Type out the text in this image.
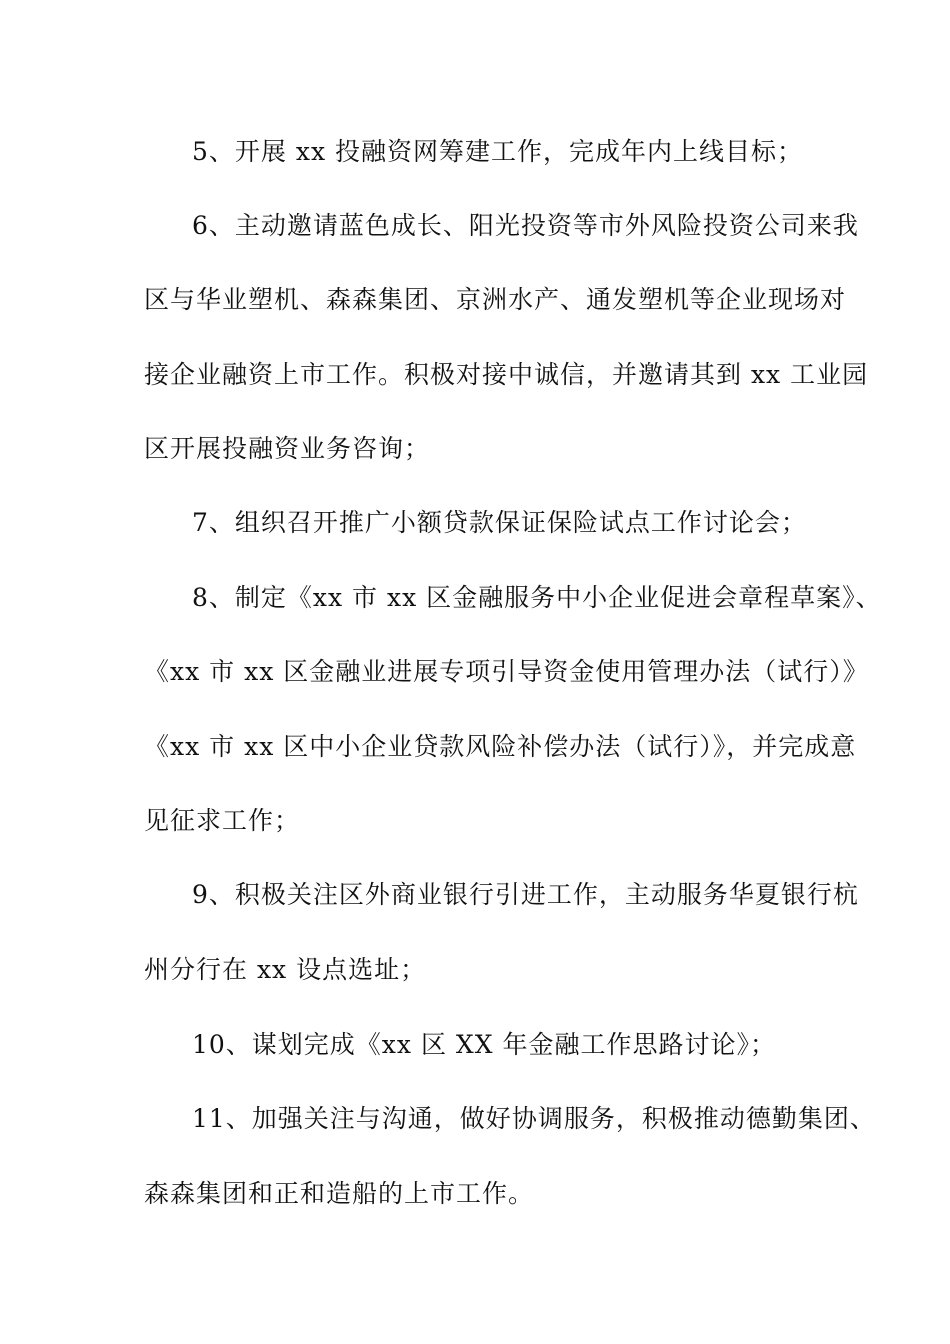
5、开展 xx 投融资网筹建工作，完成年内上线目标；
6、主动邀请蓝色成长、阳光投资等市外风险投资公司来我
区与华业塑机、森森集团、京洲水产、通发塑机等企业现场对
接企业融资上市工作。积极对接中诚信，并邀请其到 xx 工业园
区开展投融资业务咨询；
7、组织召开推广小额贷款保证保险试点工作讨论会；
8、制定《xx 市 xx 区金融服务中小企业促进会章程草案》、
《xx 市 xx 区金融业进展专项引导资金使用管理办法（试行）》
《xx 市 xx 区中小企业贷款风险补偿办法（试行）》，并完成意
见征求工作；
9、积极关注区外商业银行引进工作，主动服务华夏银行杭
州分行在 xx 设点选址；
10、谋划完成《xx 区 XX 年金融工作思路讨论》；
11、加强关注与沟通，做好协调服务，积极推动德勤集团、
森森集团和正和造船的上市工作。
